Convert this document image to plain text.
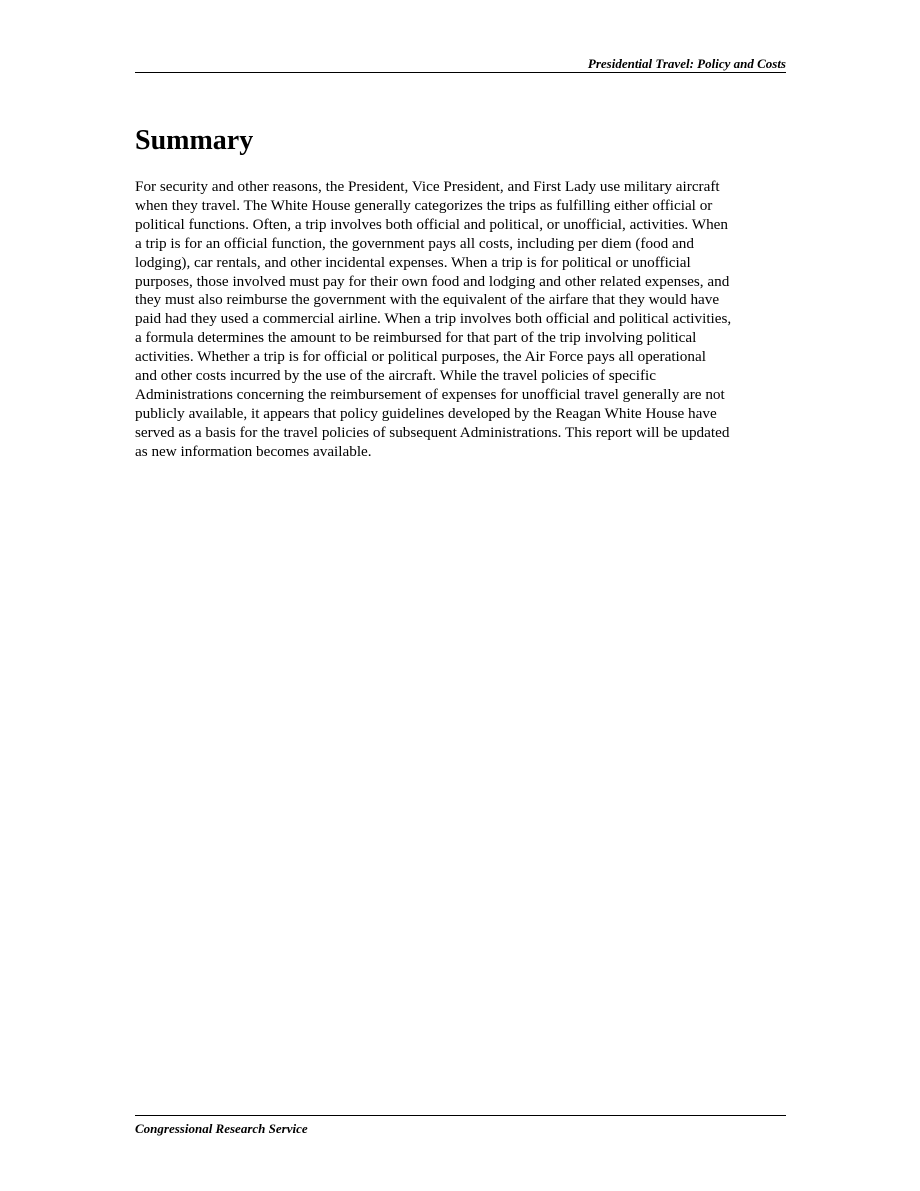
Presidential Travel: Policy and Costs
Summary

For security and other reasons, the President, Vice President, and First Lady use military aircraft
when they travel. The White House generally categorizes the trips as fulfilling either official or
political functions. Often, a trip involves both official and political, or unofficial, activities. When
a trip is for an official function, the government pays all costs, including per diem (food and
lodging), car rentals, and other incidental expenses. When a trip is for political or unofficial
purposes, those involved must pay for their own food and lodging and other related expenses, and
they must also reimburse the government with the equivalent of the airfare that they would have
paid had they used a commercial airline. When a trip involves both official and political activities,
a formula determines the amount to be reimbursed for that part of the trip involving political
activities. Whether a trip is for official or political purposes, the Air Force pays all operational
and other costs incurred by the use of the aircraft. While the travel policies of specific
Administrations concerning the reimbursement of expenses for unofficial travel generally are not
publicly available, it appears that policy guidelines developed by the Reagan White House have
served as a basis for the travel policies of subsequent Administrations. This report will be updated
as new information becomes available.

Congressional Research Service
